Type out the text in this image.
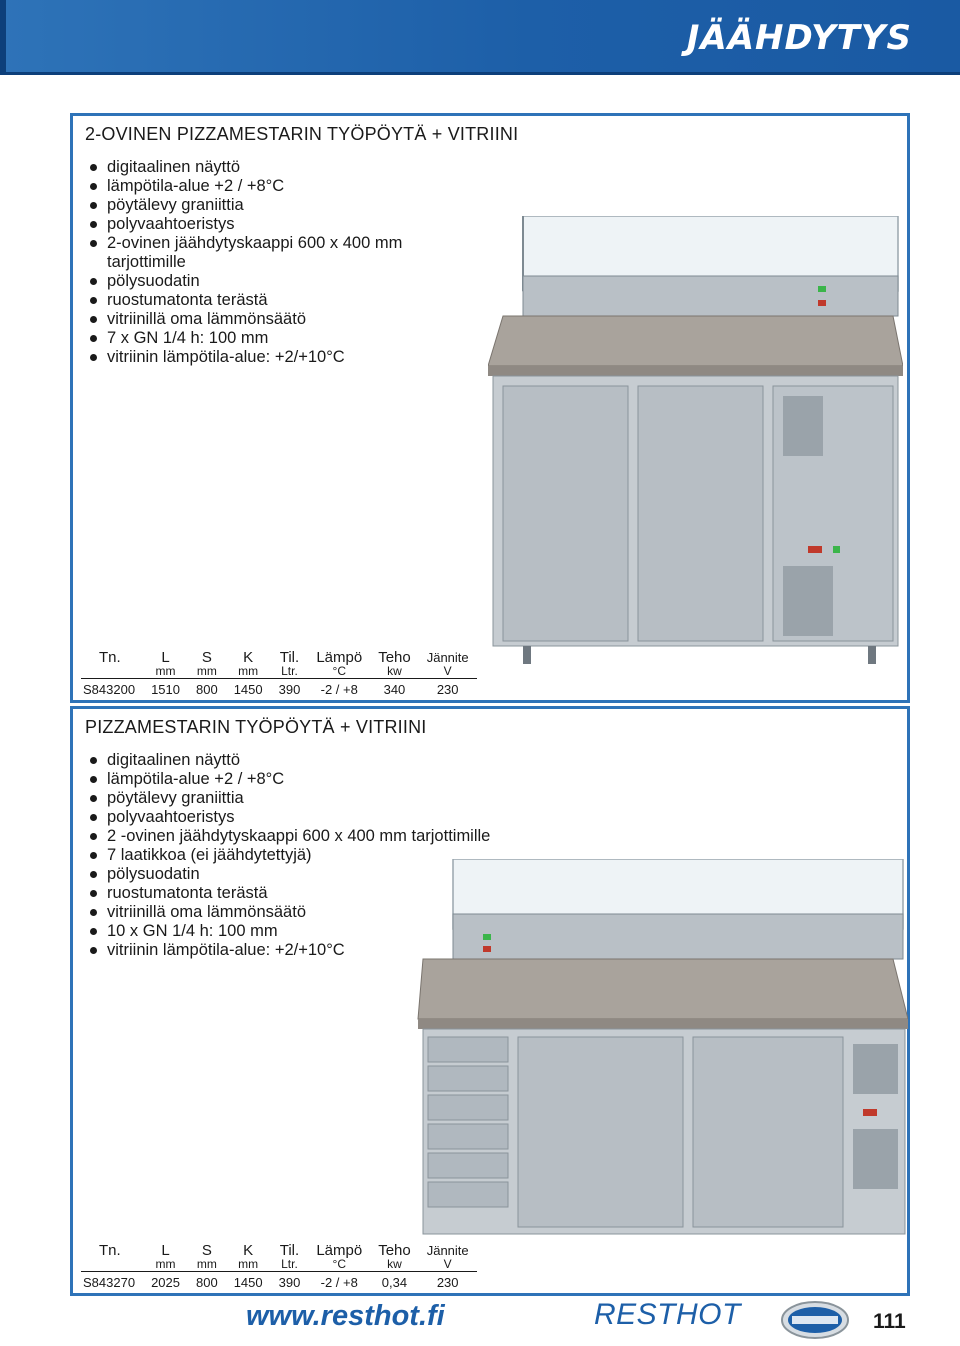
JÄÄHDYTYS
2-OVINEN PIZZAMESTARIN TYÖPÖYTÄ + VITRIINI
digitaalinen näyttö
lämpötila-alue +2 / +8°C
pöytälevy graniittia
polyvaahtoeristys
2-ovinen jäähdytyskaappi 600 x 400 mm tarjottimille
pölysuodatin
ruostumatonta terästä
vitriinillä oma lämmönsäätö
7 x GN 1/4 h: 100 mm
vitriinin lämpötila-alue: +2/+10°C
Tn.	L	S	K	Til.	Lämpö	Teho	Jännite
	mm	mm	mm	Ltr.	°C	kw	V
S843200	1510	800	1450	390	-2 / +8	340	230
PIZZAMESTARIN TYÖPÖYTÄ + VITRIINI
digitaalinen näyttö
lämpötila-alue +2 / +8°C
pöytälevy graniittia
polyvaahtoeristys
2 -ovinen jäähdytyskaappi 600 x 400 mm tarjottimille
7 laatikkoa (ei jäähdytettyjä)
pölysuodatin
ruostumatonta terästä
vitriinillä oma lämmönsäätö
10 x GN 1/4 h: 100 mm
vitriinin lämpötila-alue: +2/+10°C
Tn.	L	S	K	Til.	Lämpö	Teho	Jännite
	mm	mm	mm	Ltr.	°C	kw	V
S843270	2025	800	1450	390	-2 / +8	0,34	230
www.resthot.fi	RESTHOT	111
